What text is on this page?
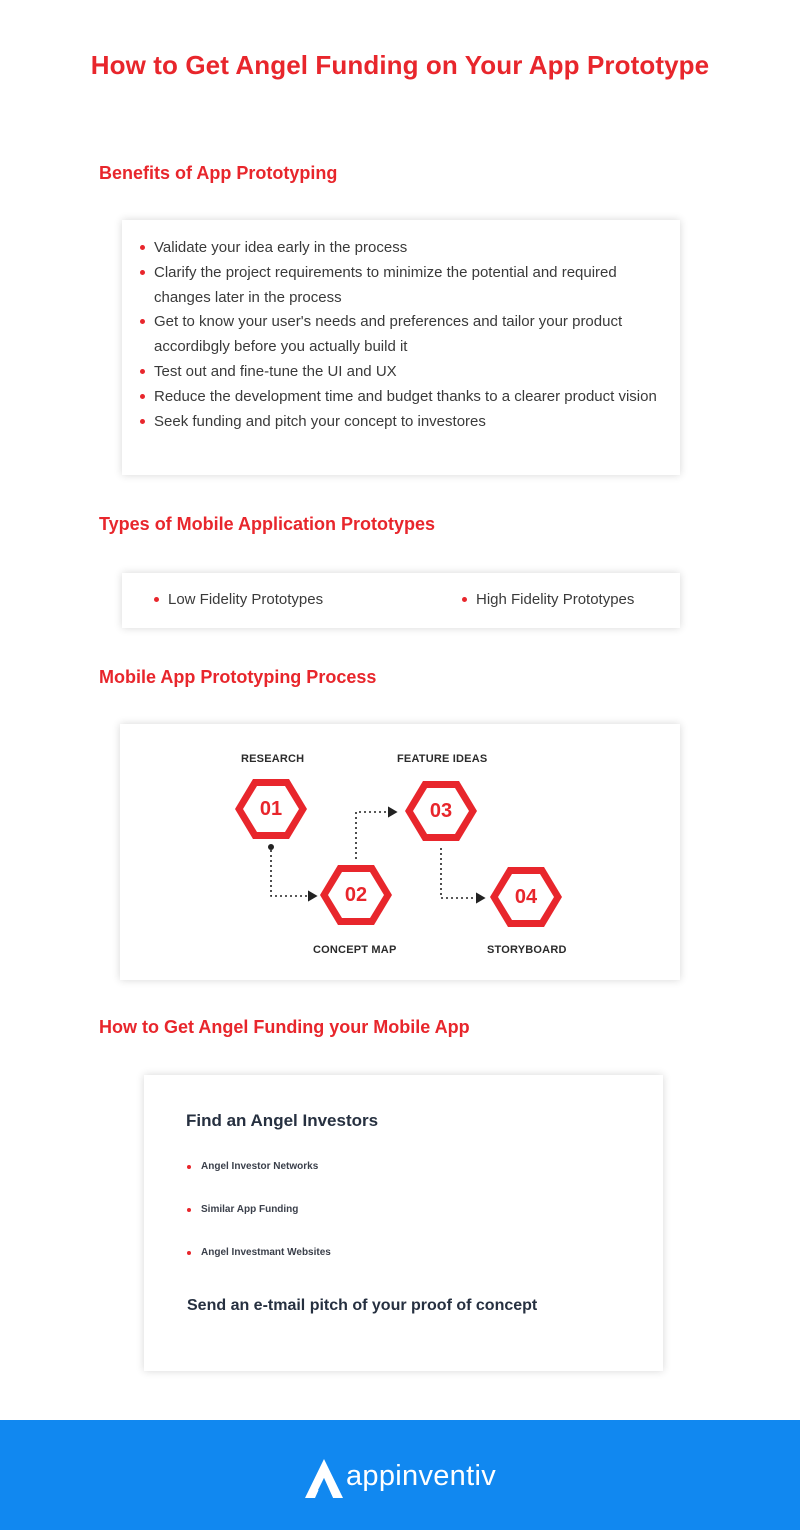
How to Get Angel Funding on Your App Prototype
Benefits of App Prototyping
Validate your idea early in the process
Clarify the project requirements to minimize the potential and required changes later in the process
Get to know your user's needs and preferences and tailor your product accordibgly before you actually build it
Test out and fine-tune the UI and UX
Reduce the development time and budget thanks to a clearer product vision
Seek funding and pitch your concept to investores
Types of Mobile Application Prototypes
Low Fidelity Prototypes	High Fidelity Prototypes
Mobile App Prototyping Process
01
02
03
04
RESEARCH
CONCEPT MAP
FEATURE IDEAS
STORYBOARD
How to Get Angel Funding your Mobile App
Find an Angel Investors
Angel Investor Networks
Similar App Funding
Angel Investmant Websites
Send an e-tmail pitch of your proof of concept
appinventiv
